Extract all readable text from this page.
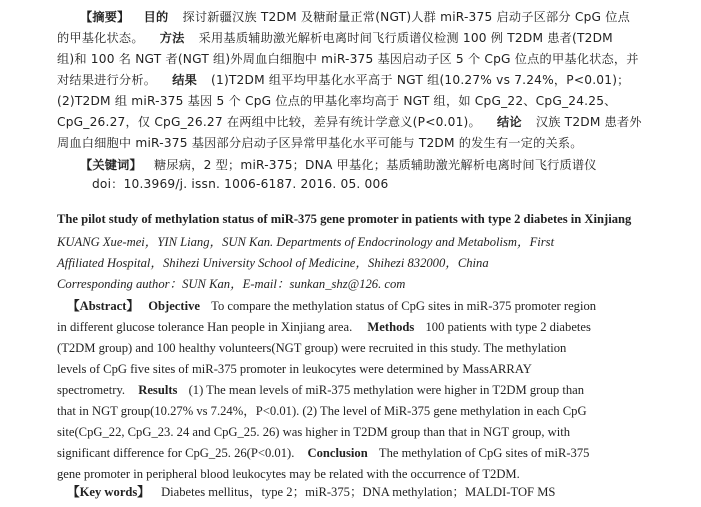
【摘要】 目的 探讨新疆汉族 T2DM 及糖耐量正常(NGT)人群 miR-375 启动子区部分 CpG 位点
的甲基化状态。 方法 采用基质辅助激光解析电离时间飞行质谱仪检测 100 例 T2DM 患者(T2DM
组)和 100 名 NGT 者(NGT 组)外周血白细胞中 miR-375 基因启动子区 5 个 CpG 位点的甲基化状态，并
对结果进行分析。 结果 (1)T2DM 组平均甲基化水平高于 NGT 组(10.27% vs 7.24%，P<0.01)；
(2)T2DM 组 miR-375 基因 5 个 CpG 位点的甲基化率均高于 NGT 组，如 CpG_22、CpG_24.25、
CpG_26.27，仅 CpG_26.27 在两组中比较，差异有统计学意义(P<0.01)。 结论 汉族 T2DM 患者外
周血白细胞中 miR-375 基因部分启动子区异常甲基化水平可能与 T2DM 的发生有一定的关系。
【关键词】 糖尿病，2 型；miR-375；DNA 甲基化；基质辅助激光解析电离时间飞行质谱仪
doi：10.3969/j. issn. 1006-6187. 2016. 05. 006
The pilot study of methylation status of miR-375 gene promoter in patients with type 2 diabetes in Xinjiang
KUANG Xue-mei，YIN Liang，SUN Kan. Departments of Endocrinology and Metabolism，First
Affiliated Hospital，Shihezi University School of Medicine，Shihezi 832000，China
Corresponding author：SUN Kan，E-mail：sunkan_shz@126. com
【Abstract】 Objective To compare the methylation status of CpG sites in miR-375 promoter region
in different glucose tolerance Han people in Xinjiang area. Methods 100 patients with type 2 diabetes
(T2DM group) and 100 healthy volunteers(NGT group) were recruited in this study. The methylation
levels of CpG five sites of miR-375 promoter in leukocytes were determined by MassARRAY
spectrometry. Results (1) The mean levels of miR-375 methylation were higher in T2DM group than
that in NGT group(10.27% vs 7.24%，P<0.01). (2) The level of MiR-375 gene methylation in each CpG
site(CpG_22, CpG_23. 24 and CpG_25. 26) was higher in T2DM group than that in NGT group, with
significant difference for CpG_25. 26(P<0.01). Conclusion The methylation of CpG sites of miR-375
gene promoter in peripheral blood leukocytes may be related with the occurrence of T2DM.
【Key words】 Diabetes mellitus，type 2；miR-375；DNA methylation；MALDI-TOF MS
